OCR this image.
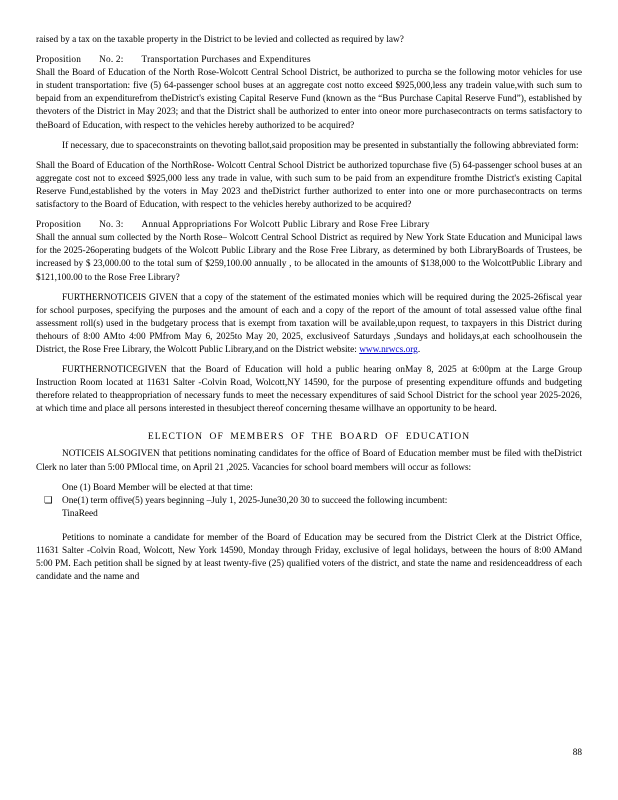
raised by a tax on the taxable property in the District to be levied and collected as required by law?

Proposition No. 2: Transportation Purchases and Expenditures

Shall the Board of Education of the North Rose-Wolcott Central School District, be authorized to purcha se the following motor vehicles for use in student transportation: five (5) 64-passenger school buses at an aggregate cost notto exceed $925,000,less any tradein value,with such sum to bepaid from an expenditurefrom theDistrict's existing Capital Reserve Fund (known as the “Bus Purchase Capital Reserve Fund”), established by thevoters of the District in May 2023; and that the District shall be authorized to enter into oneor more purchasecontracts on terms satisfactory to theBoard of Education, with respect to the vehicles hereby authorized to be acquired?

If necessary, due to spaceconstraints on thevoting ballot,said proposition may be presented in substantially the following abbreviated form:

Shall the Board of Education of the NorthRose- Wolcott Central School District be authorized topurchase five (5) 64-passenger school buses at an aggregate cost not to exceed $925,000 less any trade in value, with such sum to be paid from an expenditure fromthe District's existing Capital Reserve Fund,established by the voters in May 2023 and theDistrict further authorized to enter into one or more purchasecontracts on terms satisfactory to the Board of Education, with respect to the vehicles hereby authorized to be acquired?

Proposition No. 3: Annual Appropriations For Wolcott Public Library and Rose Free Library

Shall the annual sum collected by the North Rose– Wolcott Central School District as required by New York State Education and Municipal laws for the 2025-26operating budgets of the Wolcott Public Library and the Rose Free Library, as determined by both LibraryBoards of Trustees, be increased by $ 23,000.00 to the total sum of $259,100.00 annually , to be allocated in the amounts of $138,000 to the WolcottPublic Library and $121,100.00 to the Rose Free Library?

FURTHERNOTICEIS GIVEN that a copy of the statement of the estimated monies which will be required during the 2025-26fiscal year for school purposes, specifying the purposes and the amount of each and a copy of the report of the amount of total assessed value ofthe final assessment roll(s) used in the budgetary process that is exempt from taxation will be available,upon request, to taxpayers in this District during thehours of 8:00 AMto 4:00 PMfrom May 6, 2025to May 20, 2025, exclusiveof Saturdays ,Sundays and holidays,at each schoolhousein the District, the Rose Free Library, the Wolcott Public Library,and on the District website: www.nrwcs.org.

FURTHERNOTICEGIVEN that the Board of Education will hold a public hearing onMay 8, 2025 at 6:00pm at the Large Group Instruction Room located at 11631 Salter -Colvin Road, Wolcott,NY 14590, for the purpose of presenting expenditure offunds and budgeting therefore related to theappropriation of necessary funds to meet the necessary expenditures of said School District for the school year 2025-2026, at which time and place all persons interested in thesubject thereof concerning thesame willhave an opportunity to be heard.

ELECTION OF MEMBERS OF THE BOARD OF EDUCATION

NOTICEIS ALSOGIVEN that petitions nominating candidates for the office of Board of Education member must be filed with theDistrict Clerk no later than 5:00 PMlocal time, on April 21 ,2025. Vacancies for school board members will occur as follows:

One (1) Board Member will be elected at that time:

❏ One(1) term offive(5) years beginning –July 1, 2025-June30,20 30 to succeed the following incumbent:

TinaReed

Petitions to nominate a candidate for member of the Board of Education may be secured from the District Clerk at the District Office, 11631 Salter -Colvin Road, Wolcott, New York 14590, Monday through Friday, exclusive of legal holidays, between the hours of 8:00 AMand 5:00 PM. Each petition shall be signed by at least twenty-five (25) qualified voters of the district, and state the name and residenceaddress of each candidate and the name and

88
